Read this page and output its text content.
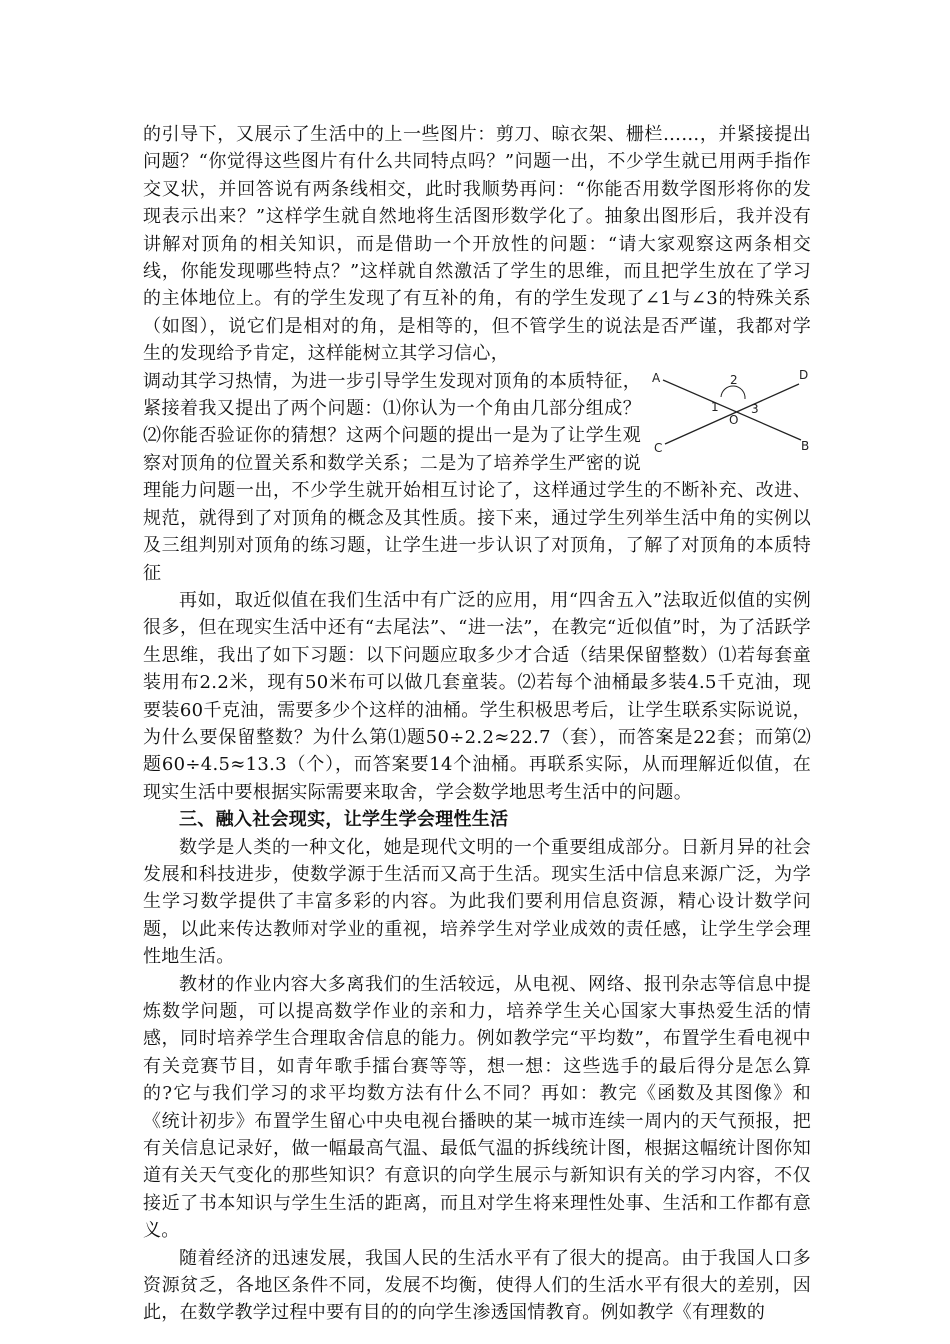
的引导下，又展示了生活中的上一些图片：剪刀、晾衣架、栅栏……，并紧接提出问题？“你觉得这些图片有什么共同特点吗？”问题一出，不少学生就已用两手指作交叉状，并回答说有两条线相交，此时我顺势再问：“你能否用数学图形将你的发现表示出来？”这样学生就自然地将生活图形数学化了。抽象出图形后，我并没有讲解对顶角的相关知识，而是借助一个开放性的问题：“请大家观察这两条相交线，你能发现哪些特点？”这样就自然激活了学生的思维，而且把学生放在了学习的主体地位上。有的学生发现了有互补的角，有的学生发现了∠1与∠3的特殊关系（如图），说它们是相对的角，是相等的，但不管学生的说法是否严谨，我都对学生的发现给予肯定，这样能树立其学习信心，

A	D
C	B
2
1	3
O

调动其学习热情，为进一步引导学生发现对顶角的本质特征，紧接着我又提出了两个问题：⑴你认为一个角由几部分组成？⑵你能否验证你的猜想？这两个问题的提出一是为了让学生观察对顶角的位置关系和数学关系；二是为了培养学生严密的说理能力问题一出，不少学生就开始相互讨论了，这样通过学生的不断补充、改进、规范，就得到了对顶角的概念及其性质。接下来，通过学生列举生活中角的实例以及三组判别对顶角的练习题，让学生进一步认识了对顶角，了解了对顶角的本质特征

再如，取近似值在我们生活中有广泛的应用，用“四舍五入”法取近似值的实例很多，但在现实生活中还有“去尾法”、“进一法”，在教完“近似值”时，为了活跃学生思维，我出了如下习题：以下问题应取多少才合适（结果保留整数）⑴若每套童装用布2.2米，现有50米布可以做几套童装。⑵若每个油桶最多装4.5千克油，现要装60千克油，需要多少个这样的油桶。学生积极思考后，让学生联系实际说说，为什么要保留整数？为什么第⑴题50÷2.2≈22.7（套），而答案是22套；而第⑵题60÷4.5≈13.3（个），而答案要14个油桶。再联系实际，从而理解近似值，在现实生活中要根据实际需要来取舍，学会数学地思考生活中的问题。

三、融入社会现实，让学生学会理性生活

数学是人类的一种文化，她是现代文明的一个重要组成部分。日新月异的社会发展和科技进步，使数学源于生活而又高于生活。现实生活中信息来源广泛，为学生学习数学提供了丰富多彩的内容。为此我们要利用信息资源，精心设计数学问题，以此来传达教师对学业的重视，培养学生对学业成效的责任感，让学生学会理性地生活。

教材的作业内容大多离我们的生活较远，从电视、网络、报刊杂志等信息中提炼数学问题，可以提高数学作业的亲和力，培养学生关心国家大事热爱生活的情感，同时培养学生合理取舍信息的能力。例如教学完“平均数”，布置学生看电视中有关竞赛节目，如青年歌手擂台赛等等，想一想：这些选手的最后得分是怎么算的?它与我们学习的求平均数方法有什么不同？再如：教完《函数及其图像》和《统计初步》布置学生留心中央电视台播映的某一城市连续一周内的天气预报，把有关信息记录好，做一幅最高气温、最低气温的拆线统计图，根据这幅统计图你知道有关天气变化的那些知识？有意识的向学生展示与新知识有关的学习内容，不仅接近了书本知识与学生生活的距离，而且对学生将来理性处事、生活和工作都有意义。

随着经济的迅速发展，我国人民的生活水平有了很大的提高。由于我国人口多资源贫乏，各地区条件不同，发展不均衡，使得人们的生活水平有很大的差别，因此，在数学教学过程中要有目的的向学生渗透国情教育。例如教学《有理数的
